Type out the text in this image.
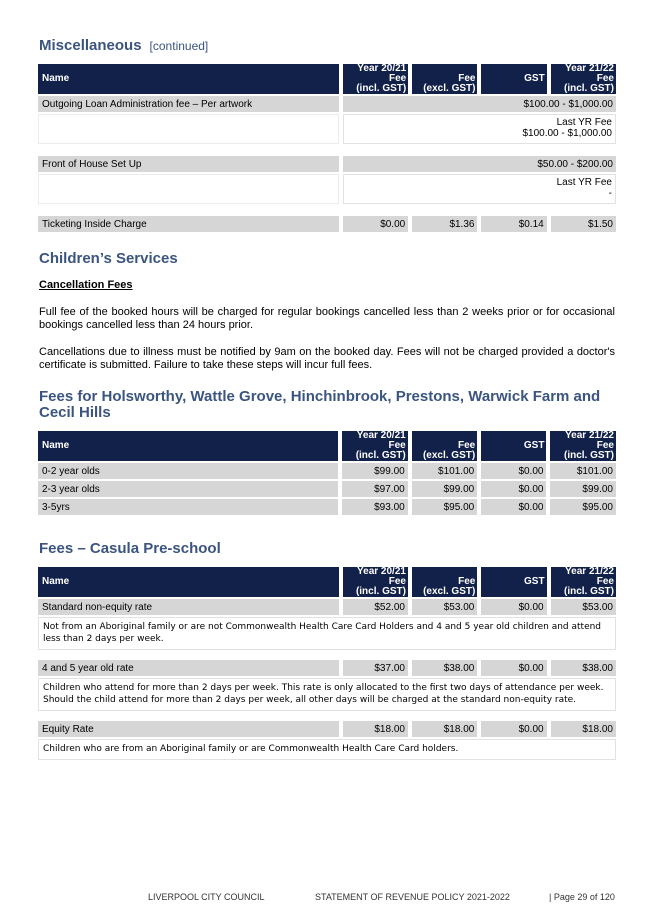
Miscellaneous [continued]
Name		Year 20/21
Fee
(incl. GST)		Fee
(excl. GST)		GST		Year 21/22
Fee
(incl. GST)
Outgoing Loan Administration fee – Per artwork		$100.00 - $1,000.00						
		Last YR Fee
$100.00 - $1,000.00						

Front of House Set Up		$50.00 - $200.00						
		Last YR Fee
-						

Ticketing Inside Charge		$0.00		$1.36		$0.14		$1.50
Children’s Services
Cancellation Fees

Full fee of the booked hours will be charged for regular bookings cancelled less than 2 weeks prior or for occasional bookings cancelled less than 24 hours prior.

Cancellations due to illness must be notified by 9am on the booked day. Fees will not be charged provided a doctor's certificate is submitted. Failure to take these steps will incur full fees.

Fees for Holsworthy, Wattle Grove, Hinchinbrook, Prestons, Warwick Farm and Cecil Hills
Name		Year 20/21
Fee
(incl. GST)		Fee
(excl. GST)		GST		Year 21/22
Fee
(incl. GST)
0-2 year olds		$99.00		$101.00		$0.00		$101.00
2-3 year olds		$97.00		$99.00		$0.00		$99.00
3-5yrs		$93.00		$95.00		$0.00		$95.00
Fees – Casula Pre-school
Name		Year 20/21
Fee
(incl. GST)		Fee
(excl. GST)		GST		Year 21/22
Fee
(incl. GST)
Standard non-equity rate		$52.00		$53.00		$0.00		$53.00
Not from an Aboriginal family or are not Commonwealth Health Care Card Holders and 4 and 5 year old children and attend less than 2 days per week.								

4 and 5 year old rate		$37.00		$38.00		$0.00		$38.00
Children who attend for more than 2 days per week. This rate is only allocated to the first two days of attendance per week. Should the child attend for more than 2 days per week, all other days will be charged at the standard non-equity rate.								

Equity Rate		$18.00		$18.00		$0.00		$18.00
Children who are from an Aboriginal family or are Commonwealth Health Care Card holders.								
LIVERPOOL CITY COUNCIL	STATEMENT OF REVENUE POLICY 2021-2022	| Page 29 of 120
